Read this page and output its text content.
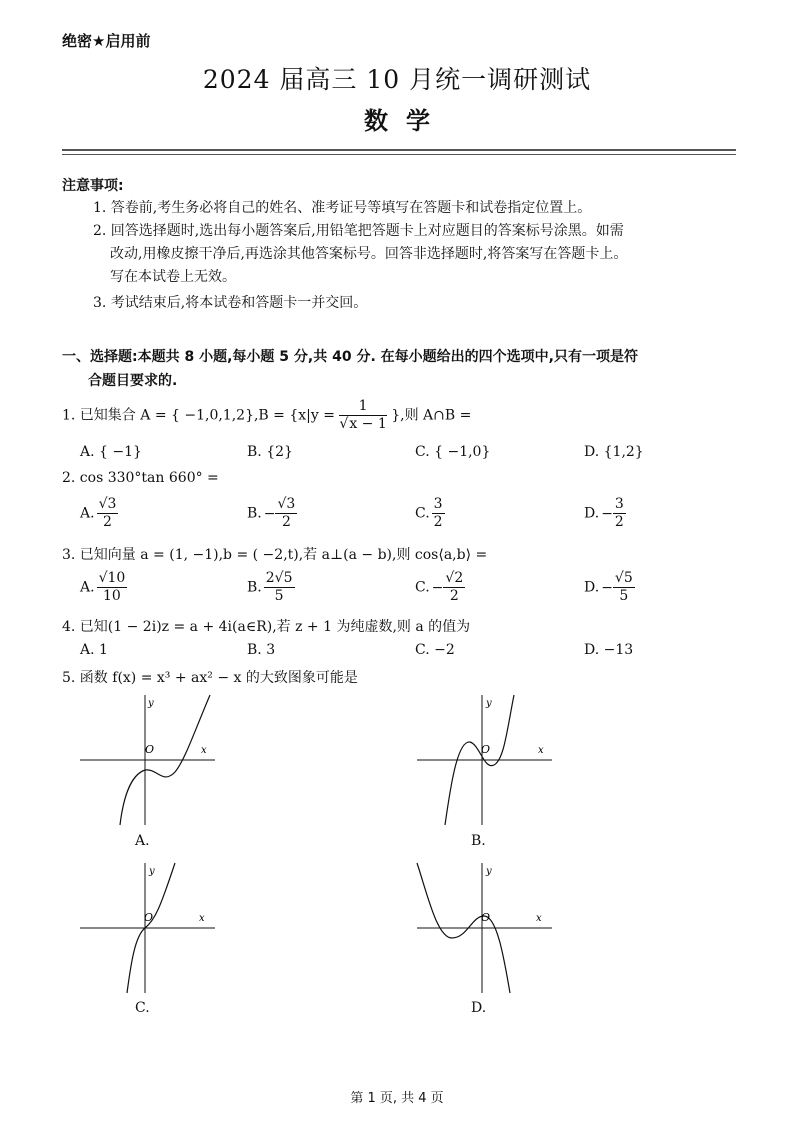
绝密★启用前
2024 届高三 10 月统一调研测试
数学
注意事项:
1. 答卷前,考生务必将自己的姓名、准考证号等填写在答题卡和试卷指定位置上。
2. 回答选择题时,选出每小题答案后,用铅笔把答题卡上对应题目的答案标号涂黑。如需
改动,用橡皮擦干净后,再选涂其他答案标号。回答非选择题时,将答案写在答题卡上。
写在本试卷上无效。
3. 考试结束后,将本试卷和答题卡一并交回。
一、选择题:本题共 8 小题,每小题 5 分,共 40 分. 在每小题给出的四个选项中,只有一项是符
合题目要求的.
1. 已知集合 A = { $-1,0,1,2\},B = \{x|y = \frac{1}{√x - 1}$ },则 A∩B =
A. { −1}	B. {2}	C. { −1,0}	D. {1,2}
2. cos 330°tan 660° =
A. $\frac{√3}{2}$	B. − $\frac{√3}{2}$	C. $\frac{3}{2}$	D. − $\frac{3}{2}$
3. 已知向量 a = (1, −1),b = ( −2,t),若 a⊥(a − b),则 cos⟨a,b⟩ =
A. $\frac{√10}{10}$	B. $\frac{2√5}{5}$	C. − $\frac{√2}{2}$	D. − $\frac{√5}{5}$
4. 已知(1 − 2i)z = a + 4i(a∈R),若 z + 1 为纯虚数,则 a 的值为
A. 1	B. 3	C. −2	D. −13
5. 函数 f(x) = x³ + ax² − x 的大致图象可能是
y
x
O
A.
y
x
O
B.
y
x
O
C.
y
x
O
D.
第 1 页, 共 4 页
